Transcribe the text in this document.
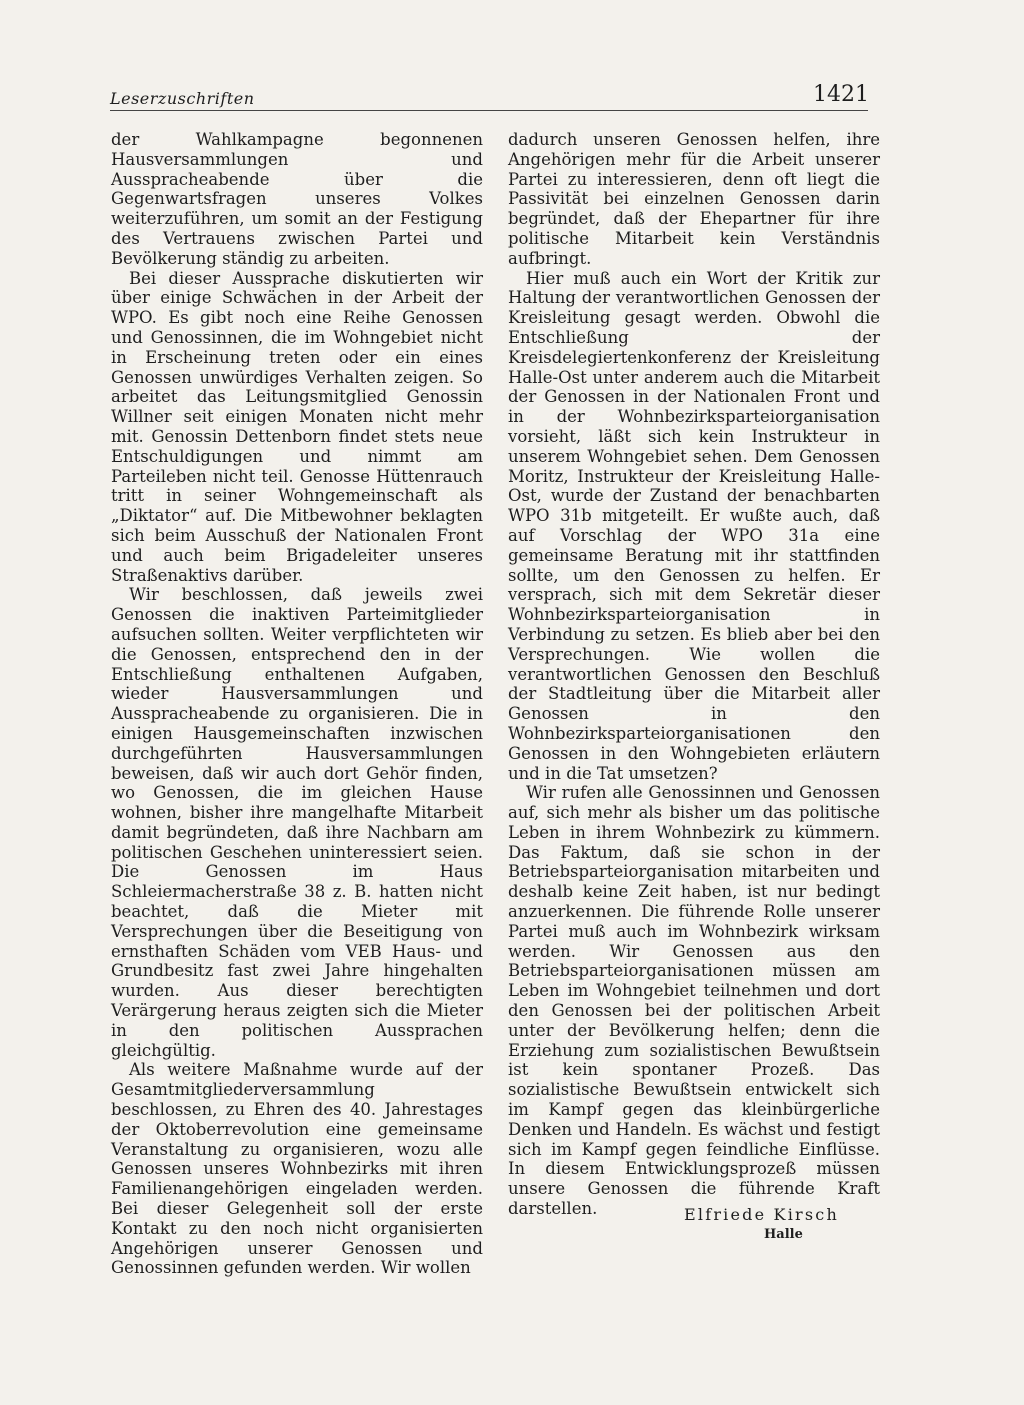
Leserzuschriften	1421

der Wahlkampagne begonnenen Hausversammlungen und Ausspracheabende über die Gegenwartsfragen unseres Volkes weiterzuführen, um somit an der Festigung des Vertrauens zwischen Partei und Bevölkerung ständig zu arbeiten.

Bei dieser Aussprache diskutierten wir über einige Schwächen in der Arbeit der WPO. Es gibt noch eine Reihe Genossen und Genossinnen, die im Wohngebiet nicht in Erscheinung treten oder ein eines Genossen unwürdiges Verhalten zeigen. So arbeitet das Leitungsmitglied Genossin Willner seit einigen Monaten nicht mehr mit. Genossin Dettenborn findet stets neue Entschuldigungen und nimmt am Parteileben nicht teil. Genosse Hüttenrauch tritt in seiner Wohngemeinschaft als „Diktator“ auf. Die Mitbewohner beklagten sich beim Ausschuß der Nationalen Front und auch beim Brigadeleiter unseres Straßenaktivs darüber.

Wir beschlossen, daß jeweils zwei Genossen die inaktiven Parteimitglieder aufsuchen sollten. Weiter verpflichteten wir die Genossen, entsprechend den in der Entschließung enthaltenen Aufgaben, wieder Hausversammlungen und Ausspracheabende zu organisieren. Die in einigen Hausgemeinschaften inzwischen durchgeführten Hausversammlungen beweisen, daß wir auch dort Gehör finden, wo Genossen, die im gleichen Hause wohnen, bisher ihre mangelhafte Mitarbeit damit begründeten, daß ihre Nachbarn am politischen Geschehen uninteressiert seien. Die Genossen im Haus Schleiermacherstraße 38 z. B. hatten nicht beachtet, daß die Mieter mit Versprechungen über die Beseitigung von ernsthaften Schäden vom VEB Haus- und Grundbesitz fast zwei Jahre hingehalten wurden. Aus dieser berechtigten Verärgerung heraus zeigten sich die Mieter in den politischen Aussprachen gleichgültig.

Als weitere Maßnahme wurde auf der Gesamtmitgliederversammlung beschlossen, zu Ehren des 40. Jahrestages der Oktoberrevolution eine gemeinsame Veranstaltung zu organisieren, wozu alle Genossen unseres Wohnbezirks mit ihren Familienangehörigen eingeladen werden. Bei dieser Gelegenheit soll der erste Kontakt zu den noch nicht organisierten Angehörigen unserer Genossen und Genossinnen gefunden werden. Wir wollen

dadurch unseren Genossen helfen, ihre Angehörigen mehr für die Arbeit unserer Partei zu interessieren, denn oft liegt die Passivität bei einzelnen Genossen darin begründet, daß der Ehepartner für ihre politische Mitarbeit kein Verständnis aufbringt.

Hier muß auch ein Wort der Kritik zur Haltung der verantwortlichen Genossen der Kreisleitung gesagt werden. Obwohl die Entschließung der Kreisdelegiertenkonferenz der Kreisleitung Halle-Ost unter anderem auch die Mitarbeit der Genossen in der Nationalen Front und in der Wohnbezirksparteiorganisation vorsieht, läßt sich kein Instrukteur in unserem Wohngebiet sehen. Dem Genossen Moritz, Instrukteur der Kreisleitung Halle-Ost, wurde der Zustand der benachbarten WPO 31b mitgeteilt. Er wußte auch, daß auf Vorschlag der WPO 31a eine gemeinsame Beratung mit ihr stattfinden sollte, um den Genossen zu helfen. Er versprach, sich mit dem Sekretär dieser Wohnbezirksparteiorganisation in Verbindung zu setzen. Es blieb aber bei den Versprechungen. Wie wollen die verantwortlichen Genossen den Beschluß der Stadtleitung über die Mitarbeit aller Genossen in den Wohnbezirksparteiorganisationen den Genossen in den Wohngebieten erläutern und in die Tat umsetzen?

Wir rufen alle Genossinnen und Genossen auf, sich mehr als bisher um das politische Leben in ihrem Wohnbezirk zu kümmern. Das Faktum, daß sie schon in der Betriebsparteiorganisation mitarbeiten und deshalb keine Zeit haben, ist nur bedingt anzuerkennen. Die führende Rolle unserer Partei muß auch im Wohnbezirk wirksam werden. Wir Genossen aus den Betriebsparteiorganisationen müssen am Leben im Wohngebiet teilnehmen und dort den Genossen bei der politischen Arbeit unter der Bevölkerung helfen; denn die Erziehung zum sozialistischen Bewußtsein ist kein spontaner Prozeß. Das sozialistische Bewußtsein entwickelt sich im Kampf gegen das kleinbürgerliche Denken und Handeln. Es wächst und festigt sich im Kampf gegen feindliche Einflüsse. In diesem Entwicklungsprozeß müssen unsere Genossen die führende Kraft darstellen.	Elfriede Kirsch
Halle
